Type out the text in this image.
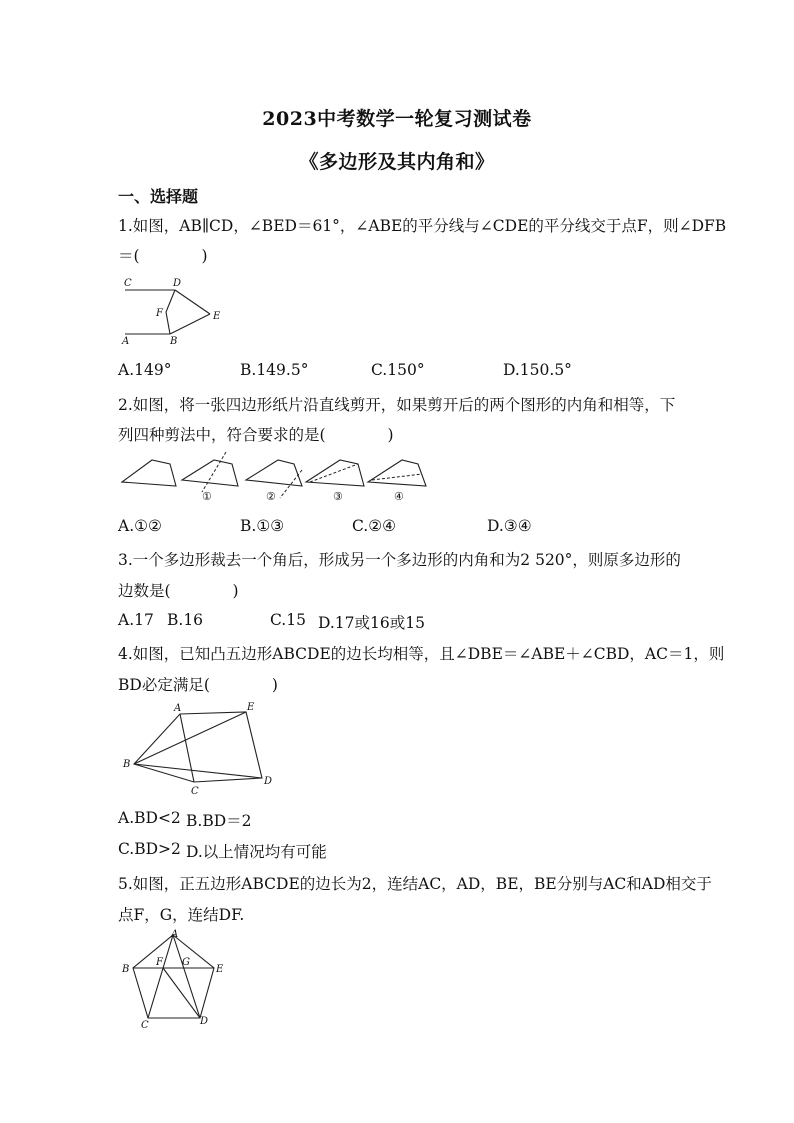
2023中考数学一轮复习测试卷
《多边形及其内角和》
一、选择题
1.如图，AB∥CD，∠BED＝61°，∠ABE的平分线与∠CDE的平分线交于点F，则∠DFB
＝(　　　　)
C	D
F	E
A	B
A.149°	B.149.5°	C.150°	D.150.5°
2.如图，将一张四边形纸片沿直线剪开，如果剪开后的两个图形的内角和相等，下
列四种剪法中，符合要求的是(　　　　)
①	②	③	④
A.①②	B.①③	C.②④	D.③④
3.一个多边形裁去一个角后，形成另一个多边形的内角和为2 520°，则原多边形的
边数是(　　　　)
A.17 B.16	C.15 D.17或16或15
4.如图，已知凸五边形ABCDE的边长均相等，且∠DBE＝∠ABE＋∠CBD，AC＝1，则
BD必定满足(　　　　)
A	E
B
D
C
A.BD<2 B.BD＝2
C.BD>2 D.以上情况均有可能
5.如图，正五边形ABCDE的边长为2，连结AC，AD，BE，BE分别与AC和AD相交于
点F，G，连结DF.
A
B
F G
E
C	D
